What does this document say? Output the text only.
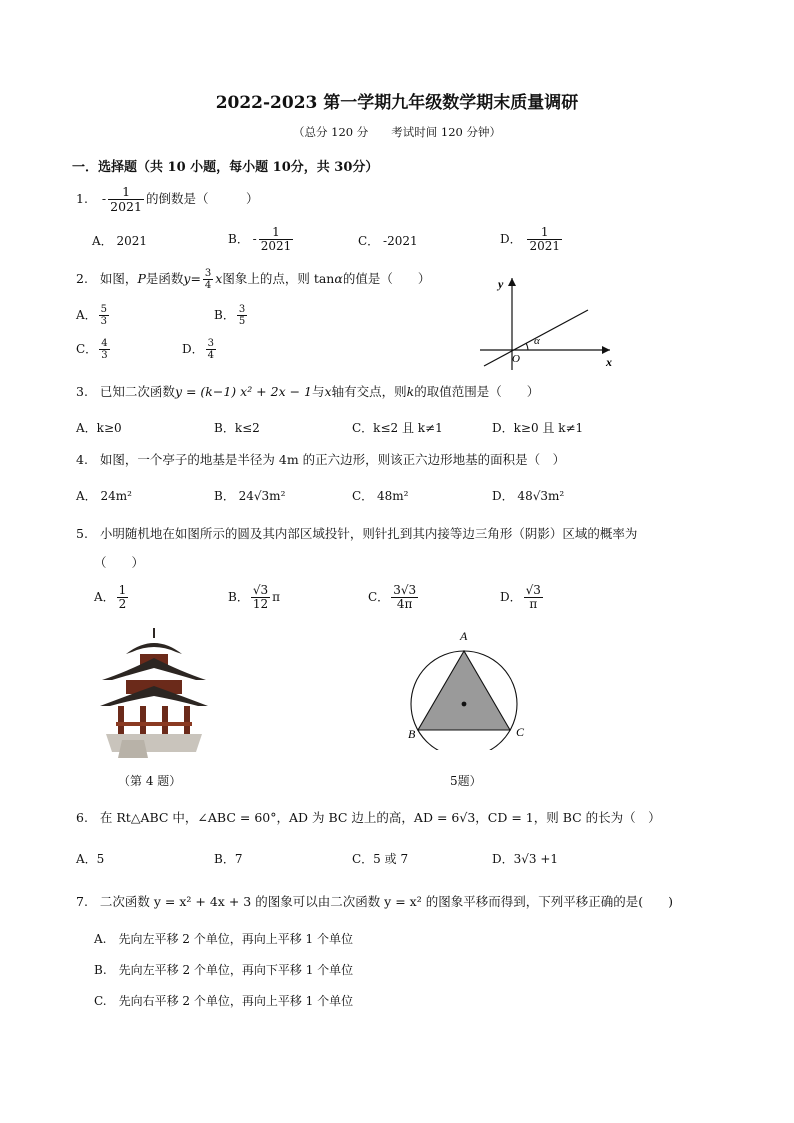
2022-2023 第一学期九年级数学期末质量调研
（总分 120 分　　考试时间 120 分钟）
一．选择题（共 10 小题，每小题 10分，共 30分）
1. - $\frac{1}{2021}$ 的倒数是（　　　）
A． 2021	B． - $\frac{1}{2021}$	C． -2021	D． $\frac{1}{2021}$
2. 如图，P是函数$y= \frac{3}{4}$ x图象上的点，则 tanα的值是（　　）
A． $\frac{5}{3}$	B． $\frac{3}{5}$
C． $\frac{4}{3}$	D． $\frac{3}{4}$
y
x
O
α
3. 已知二次函数y = (k−1) x² + 2x − 1与x轴有交点，则k的取值范围是（　　）
A．k≥0	B．k≤2	C．k≤2 且 k≠1	D．k≥0 且 k≠1
4. 如图，一个亭子的地基是半径为 4m 的正六边形，则该正六边形地基的面积是（　）
A． 24m²	B． 24√3m²	C． 48m²	D． 48√3m²
5. 小明随机地在如图所示的圆及其内部区域投针，则针扎到其内接等边三角形（阴影）区域的概率为
（　　）
A． $\frac{1}{2}$	B． $\frac{√3}{12}$ π	C． $\frac{3√3}{4\pi}$	D． $\frac{√3}{\pi}$
（第 4 题）
A
B	C
5题）
6. 在 Rt△ABC 中，∠ABC = 60°，AD 为 BC 边上的高，AD = 6√3，CD = 1，则 BC 的长为（　）
A．5	B．7	C．5 或 7	D．3√3 +1
7. 二次函数 y = x² + 4x + 3 的图象可以由二次函数 y = x² 的图象平移而得到，下列平移正确的是(　　)
A.　先向左平移 2 个单位，再向上平移 1 个单位
B.　先向左平移 2 个单位，再向下平移 1 个单位
C.　先向右平移 2 个单位，再向上平移 1 个单位
